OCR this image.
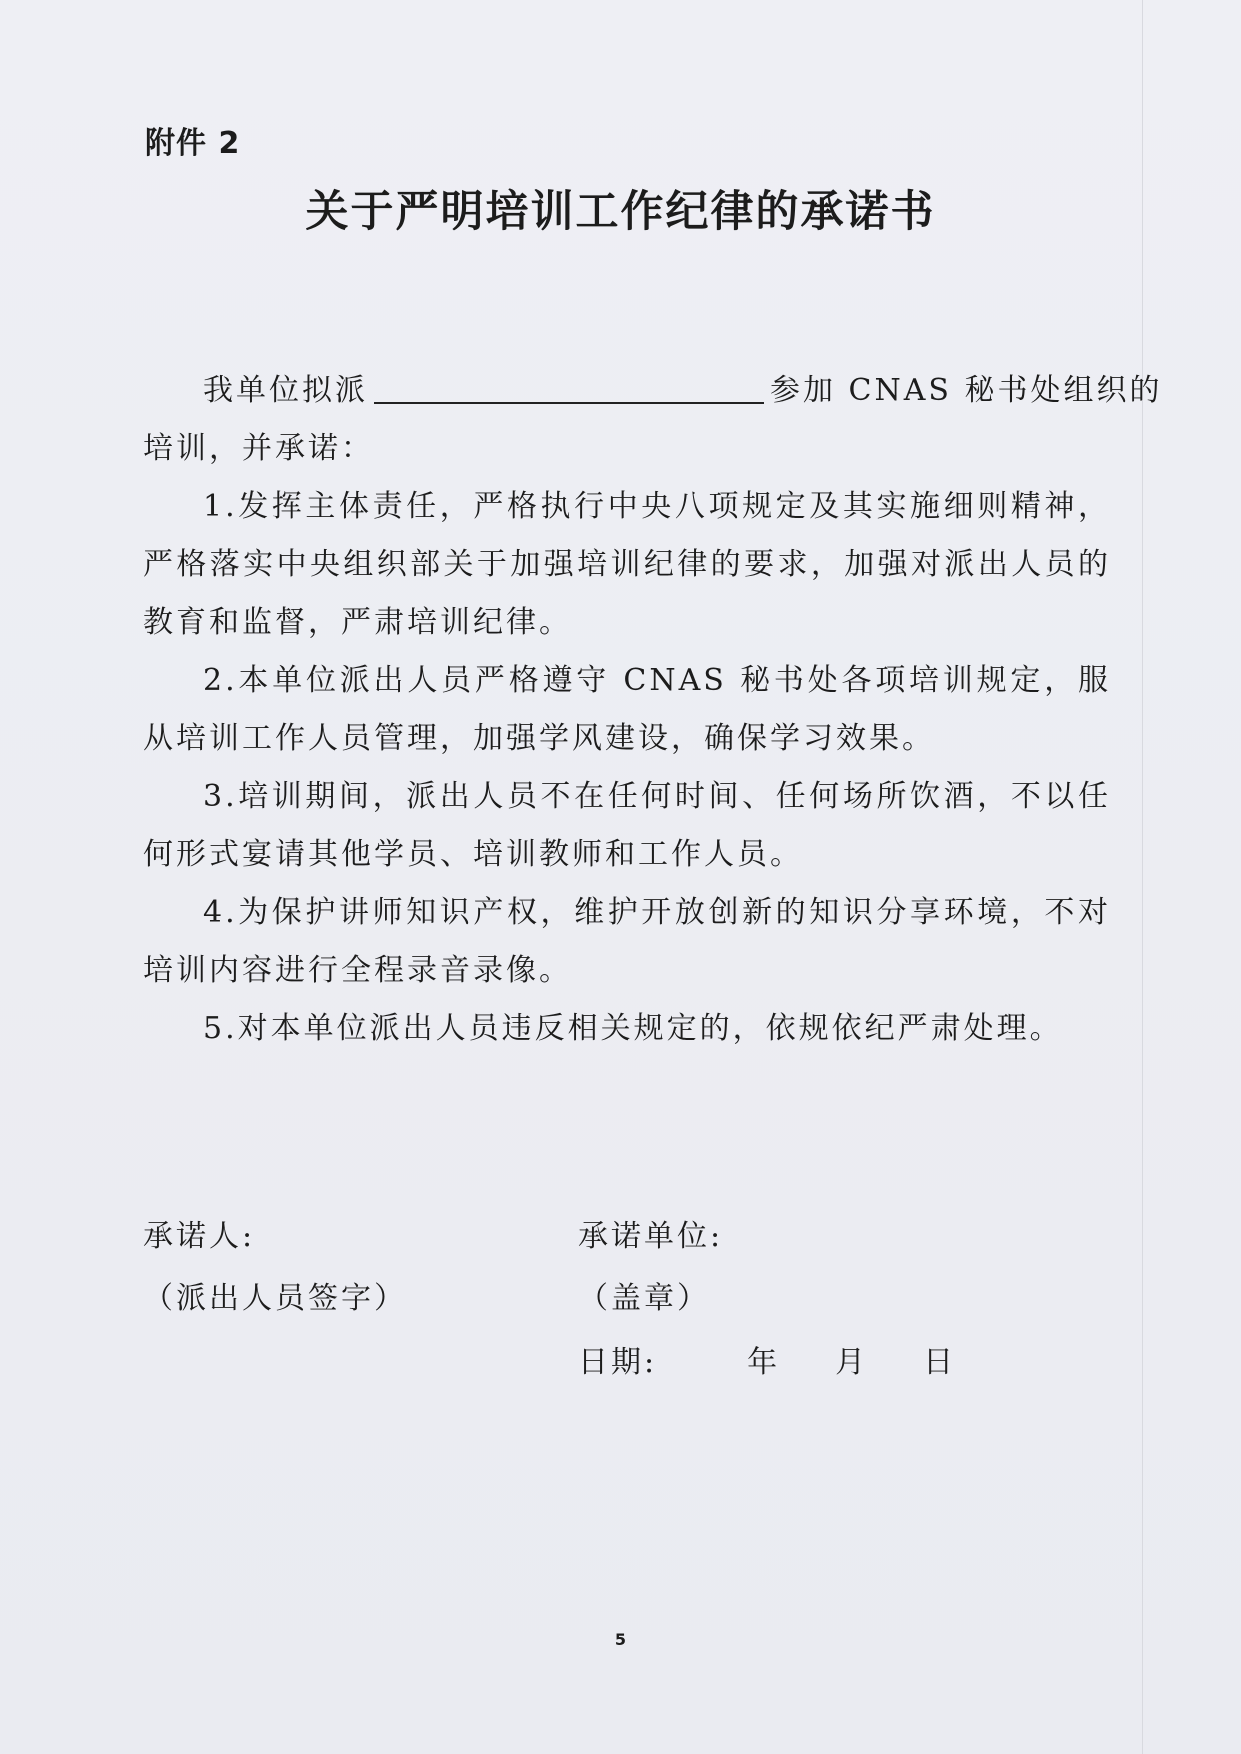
附件 2
关于严明培训工作纪律的承诺书
我单位拟派	参加 CNAS 秘书处组织的
培训，并承诺：

1.发挥主体责任，严格执行中央八项规定及其实施细则精神，严格落实中央组织部关于加强培训纪律的要求，加强对派出人员的教育和监督，严肃培训纪律。

2.本单位派出人员严格遵守 CNAS 秘书处各项培训规定，服从培训工作人员管理，加强学风建设，确保学习效果。

3.培训期间，派出人员不在任何时间、任何场所饮酒，不以任何形式宴请其他学员、培训教师和工作人员。

4.为保护讲师知识产权，维护开放创新的知识分享环境，不对培训内容进行全程录音录像。

5.对本单位派出人员违反相关规定的，依规依纪严肃处理。

承诺人:
（派出人员签字）
承诺单位:
（盖章）
日期:	年 月 日
5
